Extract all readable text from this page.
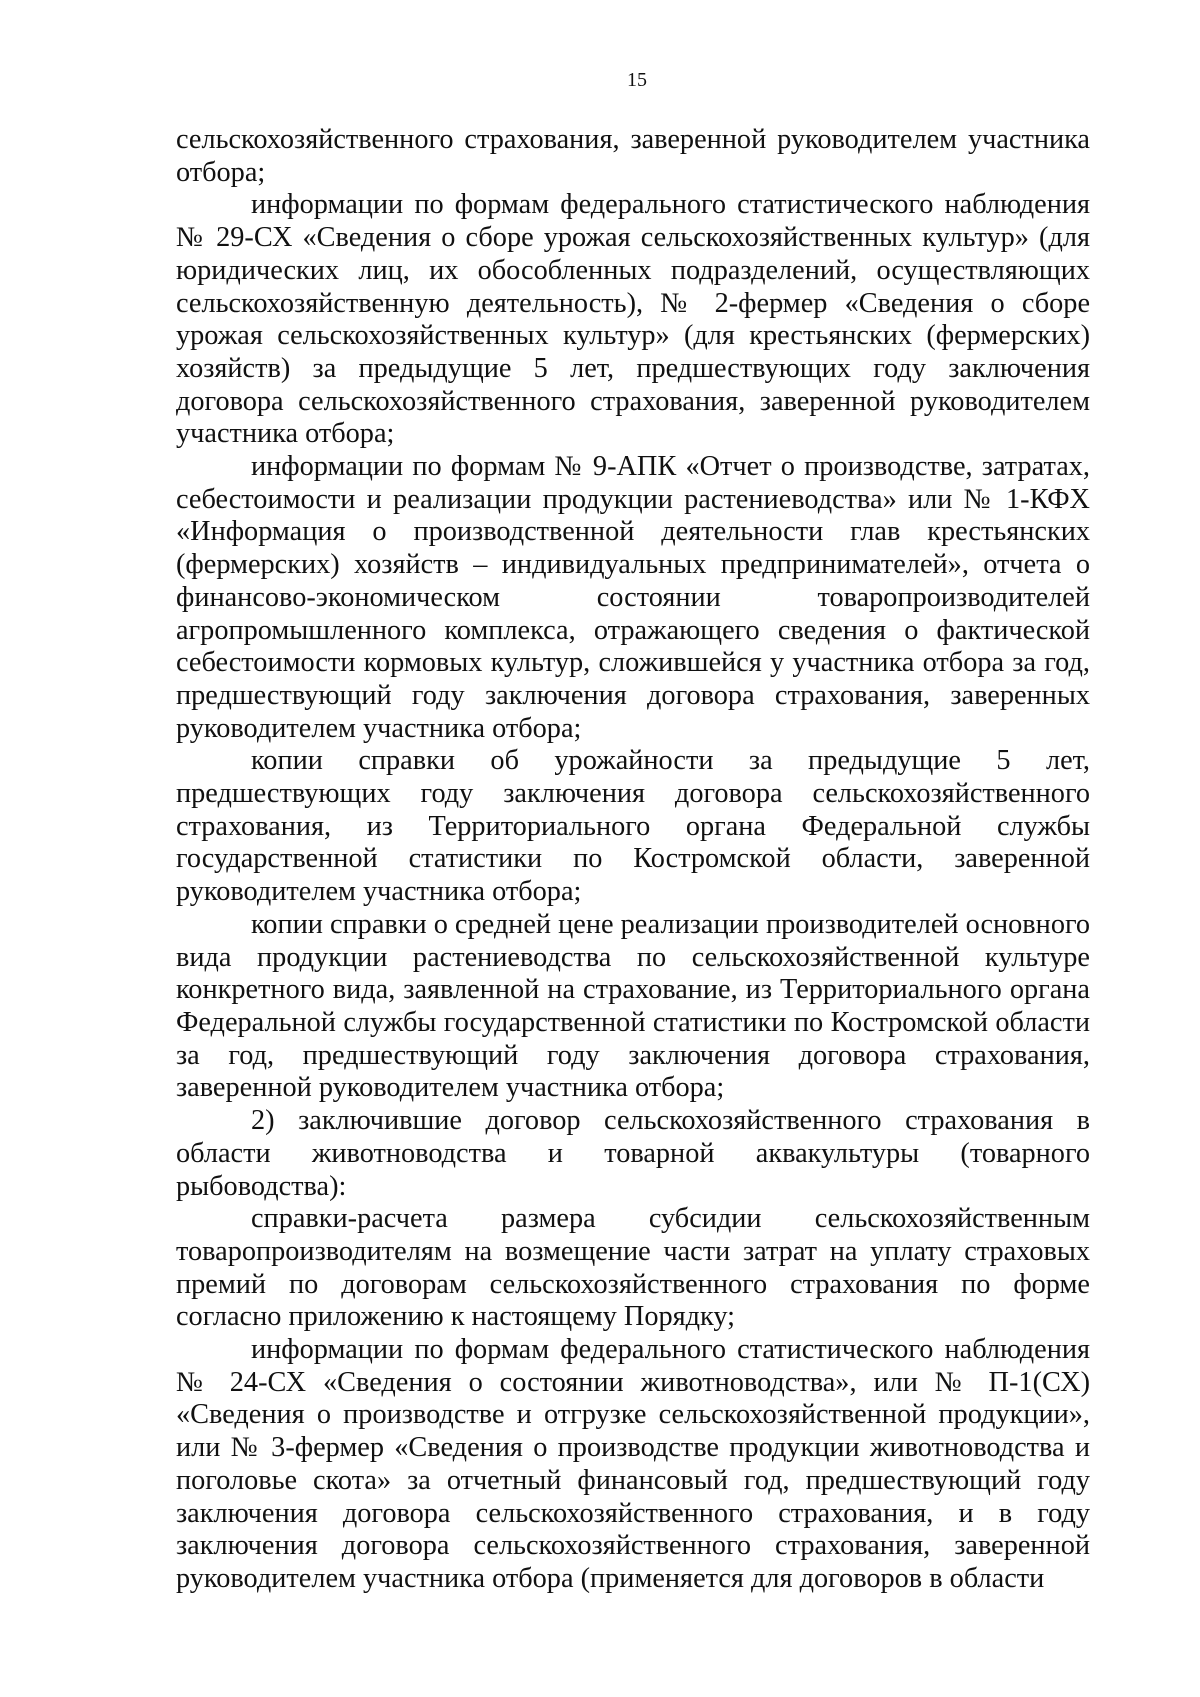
15

сельскохозяйственного страхования, заверенной руководителем участника отбора;

информации по формам федерального статистического наблюдения № 29-СХ «Сведения о сборе урожая сельскохозяйственных культур» (для юридических лиц, их обособленных подразделений, осуществляющих сельскохозяйственную деятельность), № 2-фермер «Сведения о сборе урожая сельскохозяйственных культур» (для крестьянских (фермерских) хозяйств) за предыдущие 5 лет, предшествующих году заключения договора сельскохозяйственного страхования, заверенной руководителем участника отбора;

информации по формам № 9-АПК «Отчет о производстве, затратах, себестоимости и реализации продукции растениеводства» или № 1-КФХ «Информация о производственной деятельности глав крестьянских (фермерских) хозяйств – индивидуальных предпринимателей», отчета о финансово-экономическом состоянии товаропроизводителей агропромышленного комплекса, отражающего сведения о фактической себестоимости кормовых культур, сложившейся у участника отбора за год, предшествующий году заключения договора страхования, заверенных руководителем участника отбора;

копии справки об урожайности за предыдущие 5 лет, предшествующих году заключения договора сельскохозяйственного страхования, из Территориального органа Федеральной службы государственной статистики по Костромской области, заверенной руководителем участника отбора;

копии справки о средней цене реализации производителей основного вида продукции растениеводства по сельскохозяйственной культуре конкретного вида, заявленной на страхование, из Территориального органа Федеральной службы государственной статистики по Костромской области за год, предшествующий году заключения договора страхования, заверенной руководителем участника отбора;

2) заключившие договор сельскохозяйственного страхования в области животноводства и товарной аквакультуры (товарного рыбоводства):

справки-расчета размера субсидии сельскохозяйственным товаропроизводителям на возмещение части затрат на уплату страховых премий по договорам сельскохозяйственного страхования по форме согласно приложению к настоящему Порядку;

информации по формам федерального статистического наблюдения № 24-СХ «Сведения о состоянии животноводства», или № П-1(СХ) «Сведения о производстве и отгрузке сельскохозяйственной продукции», или № 3-фермер «Сведения о производстве продукции животноводства и поголовье скота» за отчетный финансовый год, предшествующий году заключения договора сельскохозяйственного страхования, и в году заключения договора сельскохозяйственного страхования, заверенной руководителем участника отбора (применяется для договоров в области
